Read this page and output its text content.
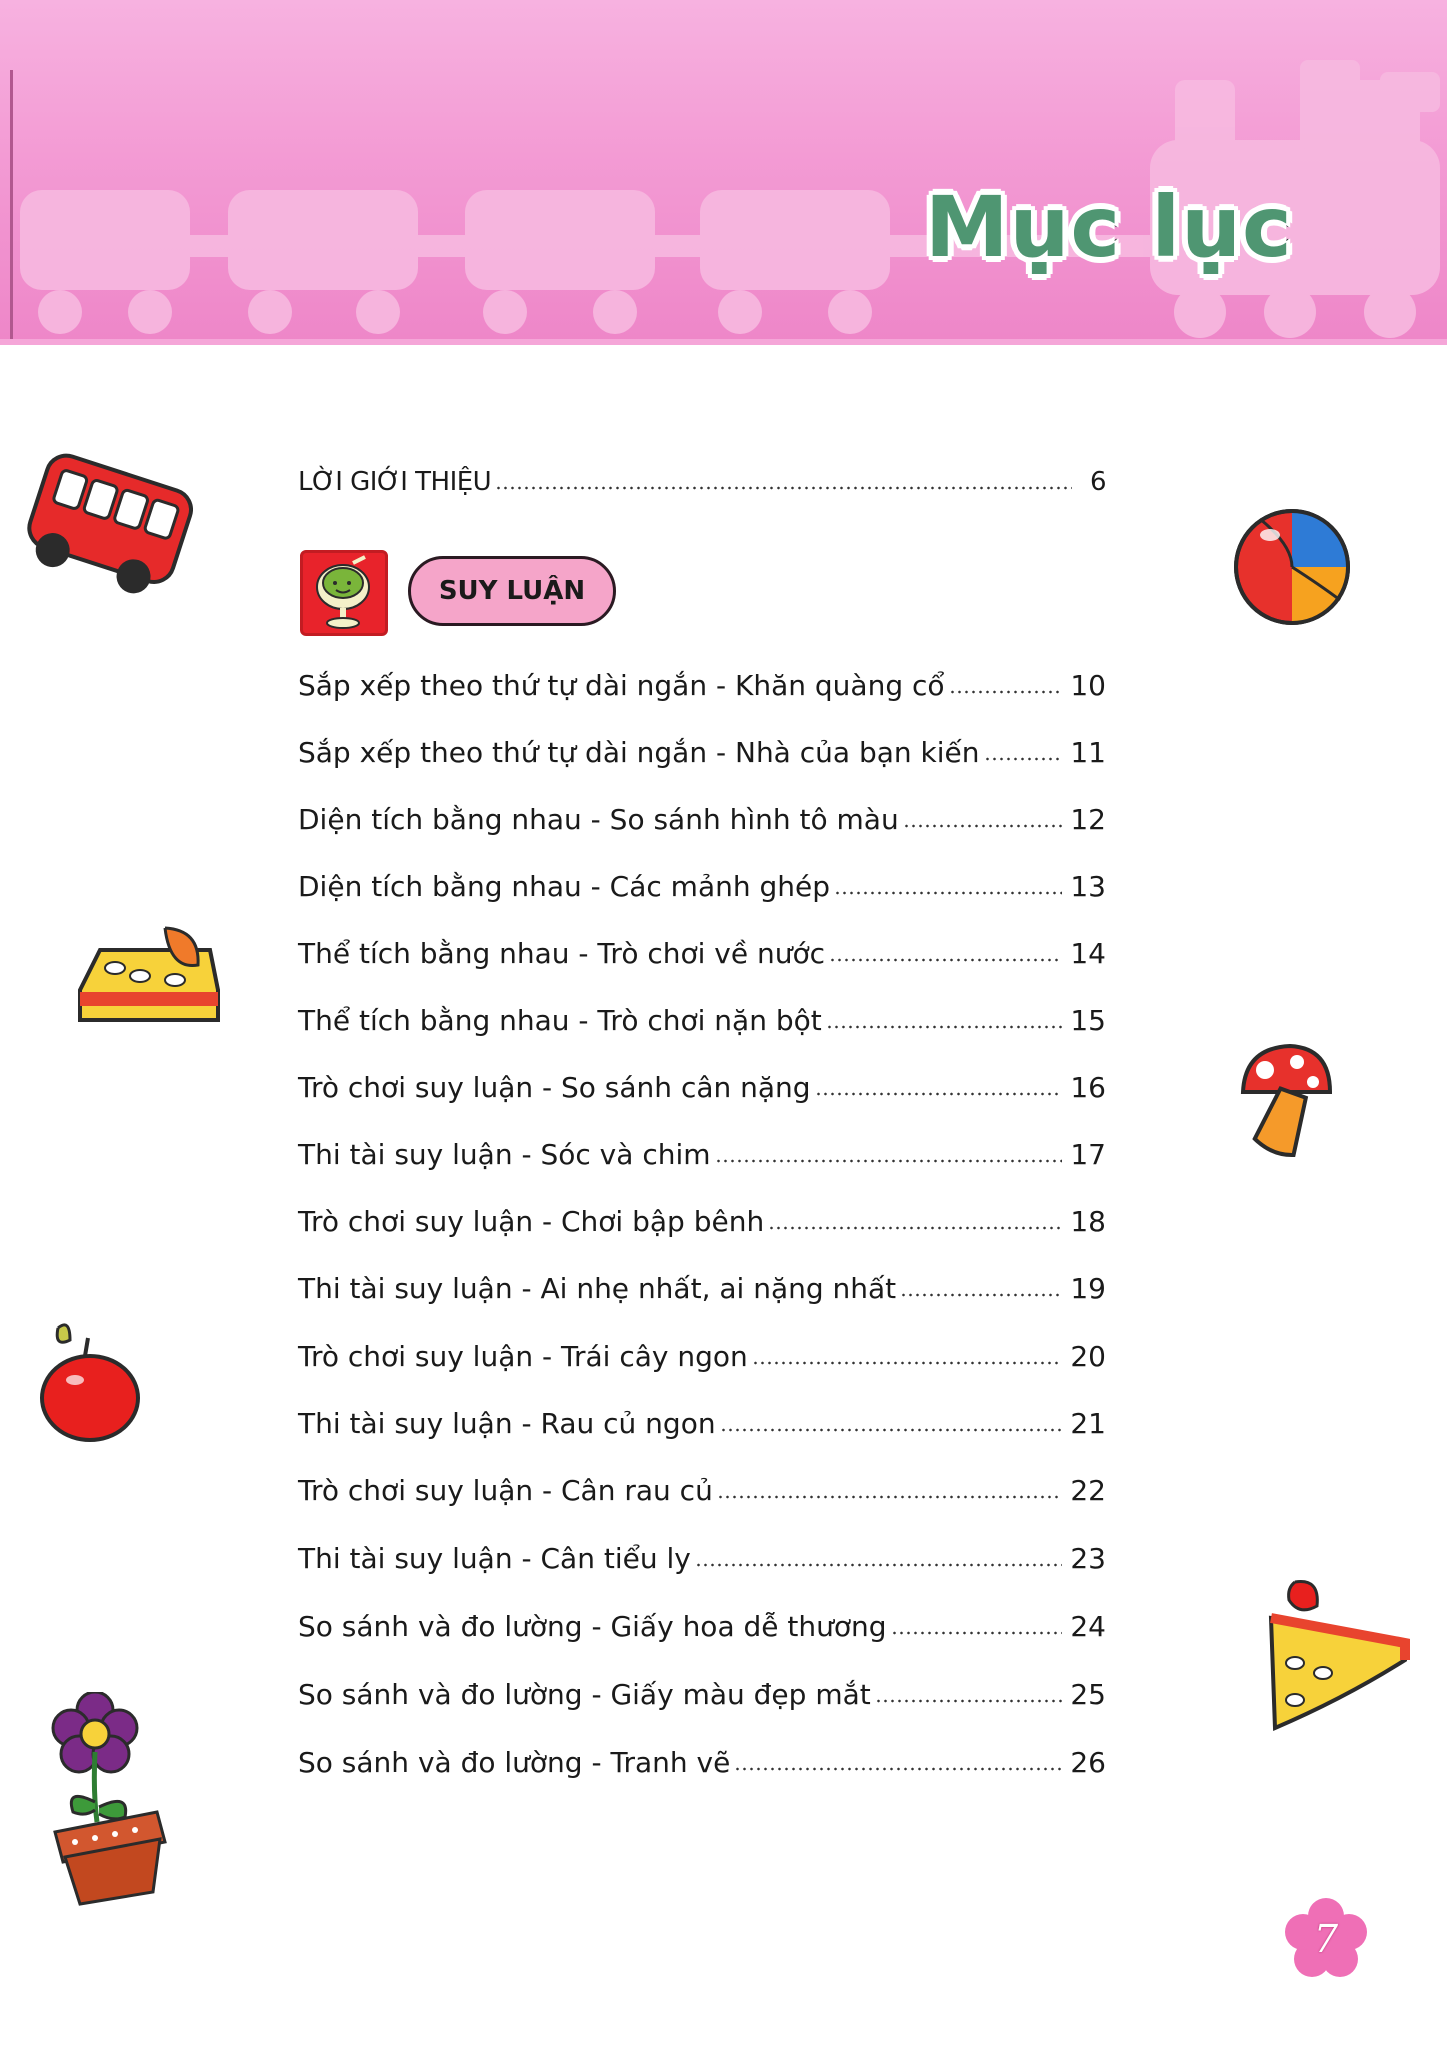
Mục lục
LỜI GIỚI THIỆU	6
SUY LUẬN
Sắp xếp theo thứ tự dài ngắn - Khăn quàng cổ	10
Sắp xếp theo thứ tự dài ngắn - Nhà của bạn kiến	11
Diện tích bằng nhau - So sánh hình tô màu	12
Diện tích bằng nhau - Các mảnh ghép	13
Thể tích bằng nhau - Trò chơi về nước	14
Thể tích bằng nhau - Trò chơi nặn bột	15
Trò chơi suy luận - So sánh cân nặng	16
Thi tài suy luận - Sóc và chim	17
Trò chơi suy luận - Chơi bập bênh	18
Thi tài suy luận - Ai nhẹ nhất, ai nặng nhất	19
Trò chơi suy luận - Trái cây ngon	20
Thi tài suy luận - Rau củ ngon	21
Trò chơi suy luận - Cân rau củ	22
Thi tài suy luận - Cân tiểu ly	23
So sánh và đo lường - Giấy hoa dễ thương	24
So sánh và đo lường - Giấy màu đẹp mắt	25
So sánh và đo lường - Tranh vẽ	26
7
